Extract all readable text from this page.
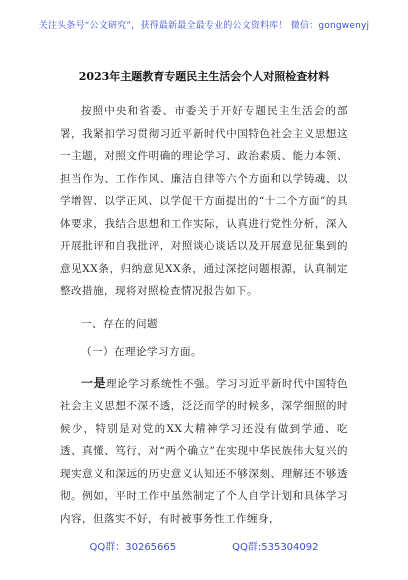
关注头条号“公文研究”，获得最新最全最专业的公文资料库！ 微信：gongwenyj
2023年主题教育专题民主生活会个人对照检查材料

按照中央和省委、市委关于开好专题民主生活会的部署，我紧扣学习贯彻习近平新时代中国特色社会主义思想这一主题，对照文件明确的理论学习、政治素质、能力本领、担当作为、工作作风、廉洁自律等六个方面和以学铸魂、以学增智、以学正风、以学促干方面提出的“十二个方面”的具体要求，我结合思想和工作实际，认真进行党性分析，深入开展批评和自我批评，对照谈心谈话以及开展意见征集到的意见XX条，归纳意见XX条，通过深挖问题根源，认真制定整改措施，现将对照检查情况报告如下。

一、存在的问题
（一）在理论学习方面。

一是理论学习系统性不强。学习习近平新时代中国特色社会主义思想不深不透，泛泛而学的时候多，深学细照的时候少，特别是对党的XX大精神学习还没有做到学通、吃透、真懂、笃行，对“两个确立”在实现中华民族伟大复兴的现实意义和深远的历史意义认知还不够深刻、理解还不够透彻。例如，平时工作中虽然制定了个人自学计划和具体学习内容，但落实不好，有时被事务性工作缠身，

QQ群：30265665	QQ群:535304092
